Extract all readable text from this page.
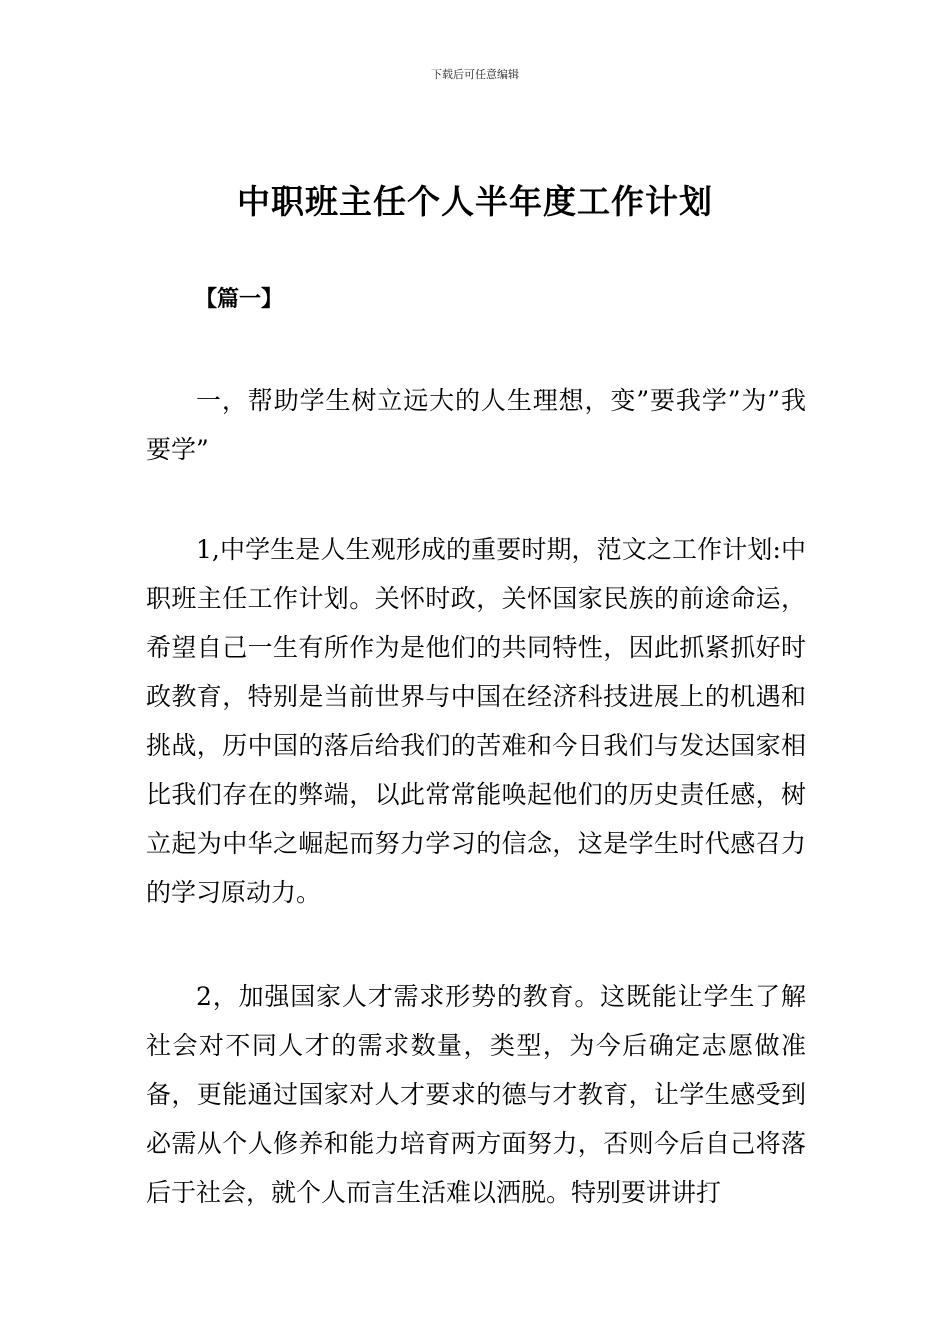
下载后可任意编辑
中职班主任个人半年度工作计划
【篇一】

一，帮助学生树立远大的人生理想，变”要我学”为”我要学”

1,中学生是人生观形成的重要时期，范文之工作计划:中职班主任工作计划。关怀时政，关怀国家民族的前途命运，希望自己一生有所作为是他们的共同特性，因此抓紧抓好时政教育，特别是当前世界与中国在经济科技进展上的机遇和挑战，历中国的落后给我们的苦难和今日我们与发达国家相比我们存在的弊端，以此常常能唤起他们的历史责任感，树立起为中华之崛起而努力学习的信念，这是学生时代感召力的学习原动力。

2，加强国家人才需求形势的教育。这既能让学生了解社会对不同人才的需求数量，类型，为今后确定志愿做准备，更能通过国家对人才要求的德与才教育，让学生感受到必需从个人修养和能力培育两方面努力，否则今后自己将落后于社会，就个人而言生活难以洒脱。特别要讲讲打
